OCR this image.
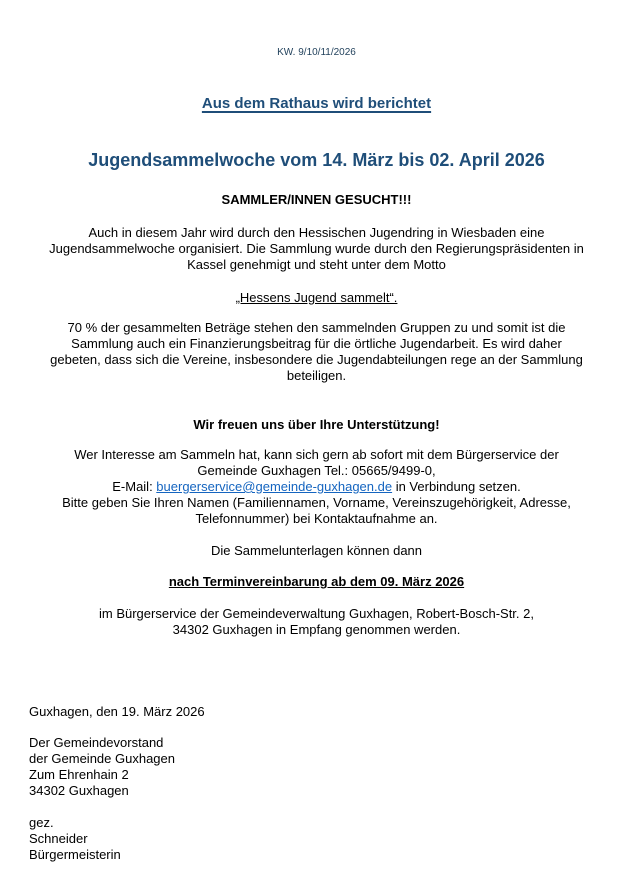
KW. 9/10/11/2026
Aus dem Rathaus wird berichtet
Jugendsammelwoche vom 14. März bis 02. April 2026
SAMMLER/INNEN GESUCHT!!!

Auch in diesem Jahr wird durch den Hessischen Jugendring in Wiesbaden eine
Jugendsammelwoche organisiert. Die Sammlung wurde durch den Regierungspräsidenten in
Kassel genehmigt und steht unter dem Motto

„Hessens Jugend sammelt“.

70 % der gesammelten Beträge stehen den sammelnden Gruppen zu und somit ist die
Sammlung auch ein Finanzierungsbeitrag für die örtliche Jugendarbeit. Es wird daher
gebeten, dass sich die Vereine, insbesondere die Jugendabteilungen rege an der Sammlung
beteiligen.

Wir freuen uns über Ihre Unterstützung!

Wer Interesse am Sammeln hat, kann sich gern ab sofort mit dem Bürgerservice der
Gemeinde Guxhagen Tel.: 05665/9499-0,
E-Mail: buergerservice@gemeinde-guxhagen.de in Verbindung setzen.
Bitte geben Sie Ihren Namen (Familiennamen, Vorname, Vereinszugehörigkeit, Adresse,
Telefonnummer) bei Kontaktaufnahme an.

Die Sammelunterlagen können dann
nach Terminvereinbarung ab dem 09. März 2026

im Bürgerservice der Gemeindeverwaltung Guxhagen, Robert-Bosch-Str. 2,
34302 Guxhagen in Empfang genommen werden.

Guxhagen, den 19. März 2026
Der Gemeindevorstand
der Gemeinde Guxhagen
Zum Ehrenhain 2
34302 Guxhagen
gez.
Schneider
Bürgermeisterin
